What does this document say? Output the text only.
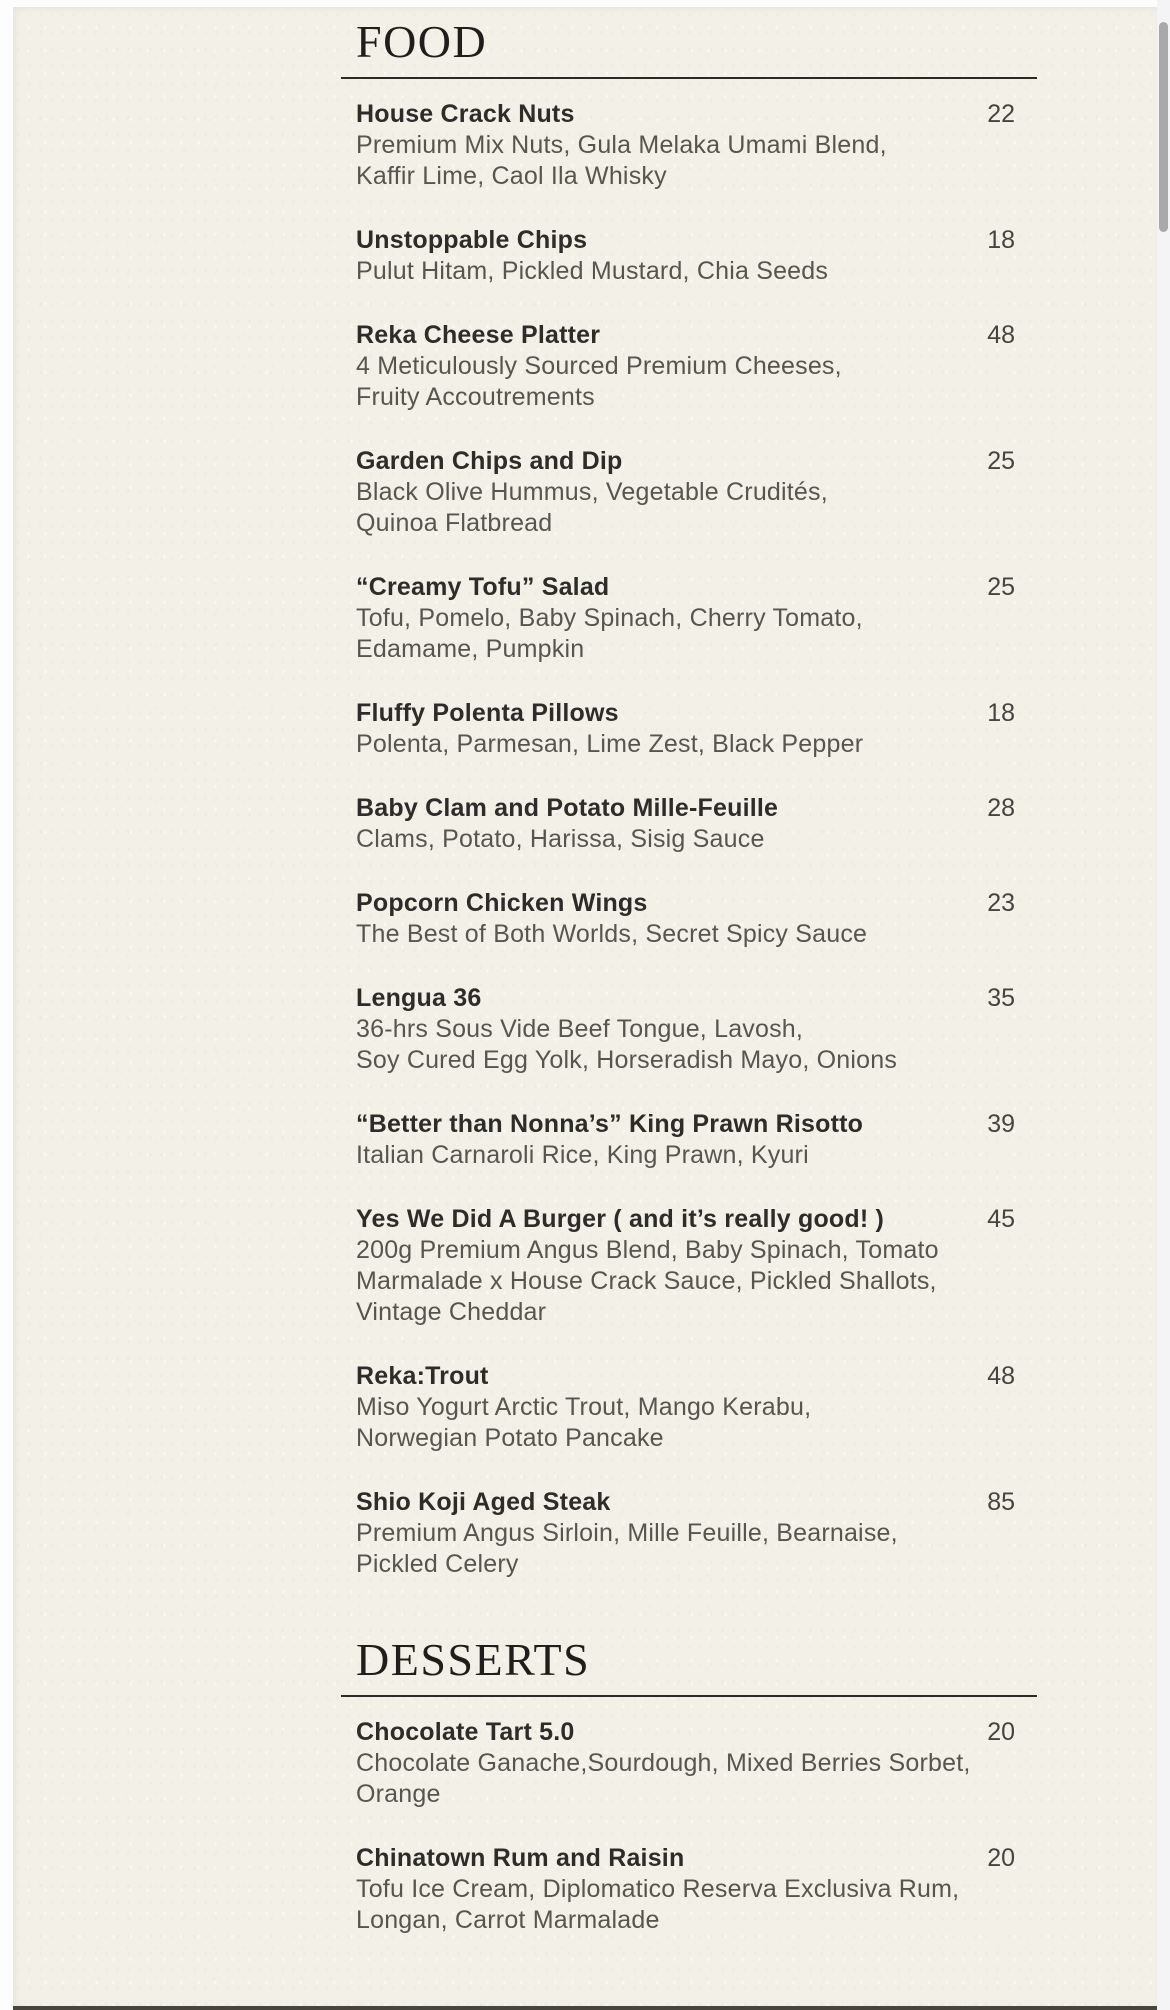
FOOD
House Crack Nuts	22
Premium Mix Nuts, Gula Melaka Umami Blend,
Kaffir Lime, Caol Ila Whisky
Unstoppable Chips	18
Pulut Hitam, Pickled Mustard, Chia Seeds
Reka Cheese Platter	48
4 Meticulously Sourced Premium Cheeses,
Fruity Accoutrements
Garden Chips and Dip	25
Black Olive Hummus, Vegetable Crudités,
Quinoa Flatbread
“Creamy Tofu” Salad	25
Tofu, Pomelo, Baby Spinach, Cherry Tomato,
Edamame, Pumpkin
Fluffy Polenta Pillows	18
Polenta, Parmesan, Lime Zest, Black Pepper
Baby Clam and Potato Mille-Feuille	28
Clams, Potato, Harissa, Sisig Sauce
Popcorn Chicken Wings	23
The Best of Both Worlds, Secret Spicy Sauce
Lengua 36	35
36-hrs Sous Vide Beef Tongue, Lavosh,
Soy Cured Egg Yolk, Horseradish Mayo, Onions
“Better than Nonna’s” King Prawn Risotto	39
Italian Carnaroli Rice, King Prawn, Kyuri
Yes We Did A Burger ( and it’s really good! )	45
200g Premium Angus Blend, Baby Spinach, Tomato
Marmalade x House Crack Sauce, Pickled Shallots,
Vintage Cheddar
Reka:Trout	48
Miso Yogurt Arctic Trout, Mango Kerabu,
Norwegian Potato Pancake
Shio Koji Aged Steak	85
Premium Angus Sirloin, Mille Feuille, Bearnaise,
Pickled Celery
DESSERTS
Chocolate Tart 5.0	20
Chocolate Ganache,Sourdough, Mixed Berries Sorbet,
Orange
Chinatown Rum and Raisin	20
Tofu Ice Cream, Diplomatico Reserva Exclusiva Rum,
Longan, Carrot Marmalade
